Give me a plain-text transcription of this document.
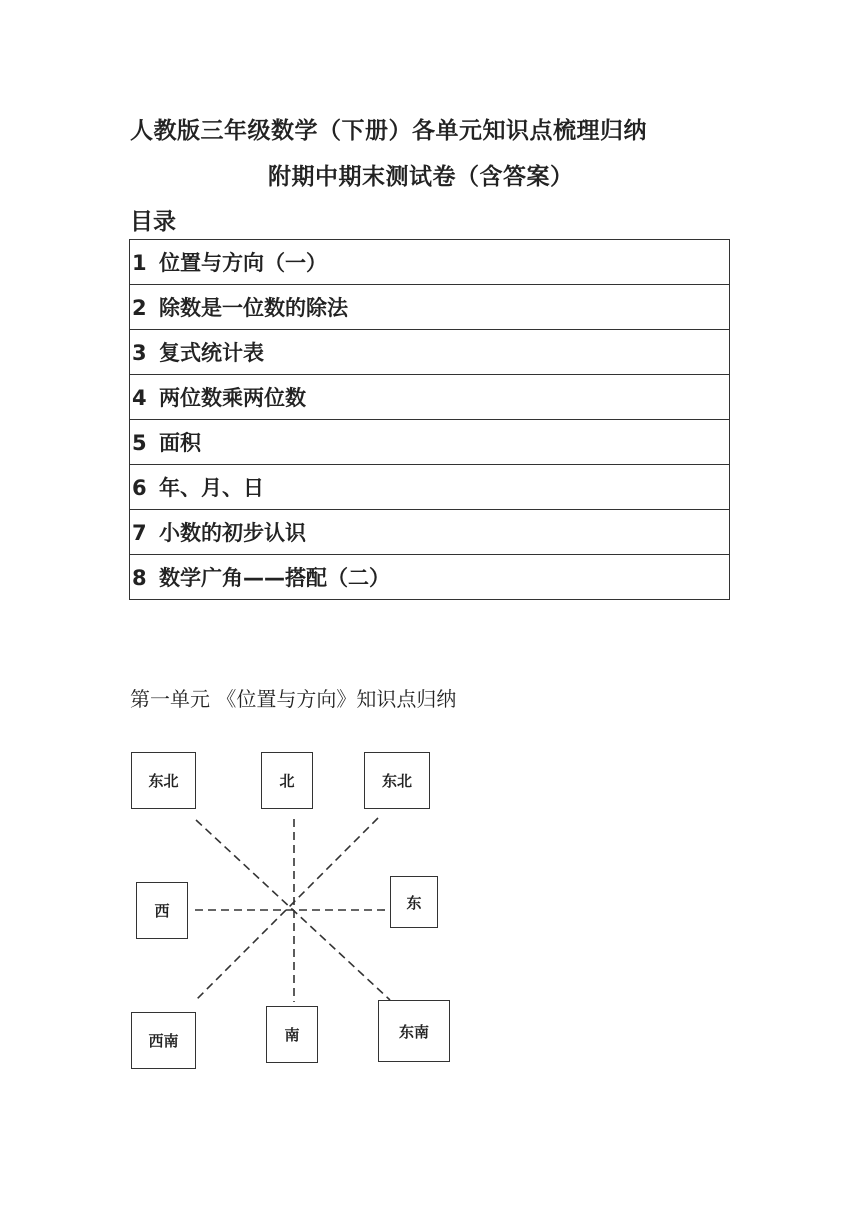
人教版三年级数学（下册）各单元知识点梳理归纳
附期中期末测试卷（含答案）
目录
1 位置与方向（一）
2 除数是一位数的除法
3 复式统计表
4 两位数乘两位数
5 面积
6 年、月、日
7 小数的初步认识
8 数学广角——搭配（二）
第一单元 《位置与方向》知识点归纳
东北	北	东北
西	东
西南	南	东南
